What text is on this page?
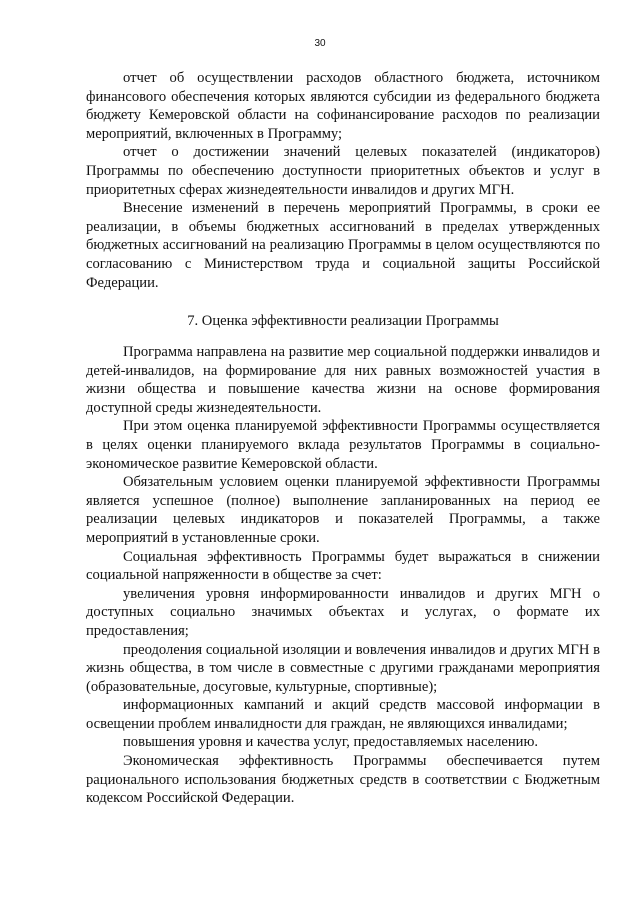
30

отчет об осуществлении расходов областного бюджета, источником финансового обеспечения которых являются субсидии из федерального бюджета бюджету Кемеровской области на софинансирование расходов по реализации мероприятий, включенных в Программу;

отчет о достижении значений целевых показателей (индикаторов) Программы по обеспечению доступности приоритетных объектов и услуг в приоритетных сферах жизнедеятельности инвалидов и других МГН.

Внесение изменений в перечень мероприятий Программы, в сроки ее реализации, в объемы бюджетных ассигнований в пределах утвержденных бюджетных ассигнований на реализацию Программы в целом осуществляются по согласованию с Министерством труда и социальной защиты Российской Федерации.

7. Оценка эффективности реализации Программы

Программа направлена на развитие мер социальной поддержки инвалидов и детей-инвалидов, на формирование для них равных возможностей участия в жизни общества и повышение качества жизни на основе формирования доступной среды жизнедеятельности.

При этом оценка планируемой эффективности Программы осуществляется в целях оценки планируемого вклада результатов Программы в социально-экономическое развитие Кемеровской области.

Обязательным условием оценки планируемой эффективности Программы является успешное (полное) выполнение запланированных на период ее реализации целевых индикаторов и показателей Программы, а также мероприятий в установленные сроки.

Социальная эффективность Программы будет выражаться в снижении социальной напряженности в обществе за счет:

увеличения уровня информированности инвалидов и других МГН о доступных социально значимых объектах и услугах, о формате их предоставления;

преодоления социальной изоляции и вовлечения инвалидов и других МГН в жизнь общества, в том числе в совместные с другими гражданами мероприятия (образовательные, досуговые, культурные, спортивные);

информационных кампаний и акций средств массовой информации в освещении проблем инвалидности для граждан, не являющихся инвалидами;

повышения уровня и качества услуг, предоставляемых населению.

Экономическая эффективность Программы обеспечивается путем рационального использования бюджетных средств в соответствии с Бюджетным кодексом Российской Федерации.
